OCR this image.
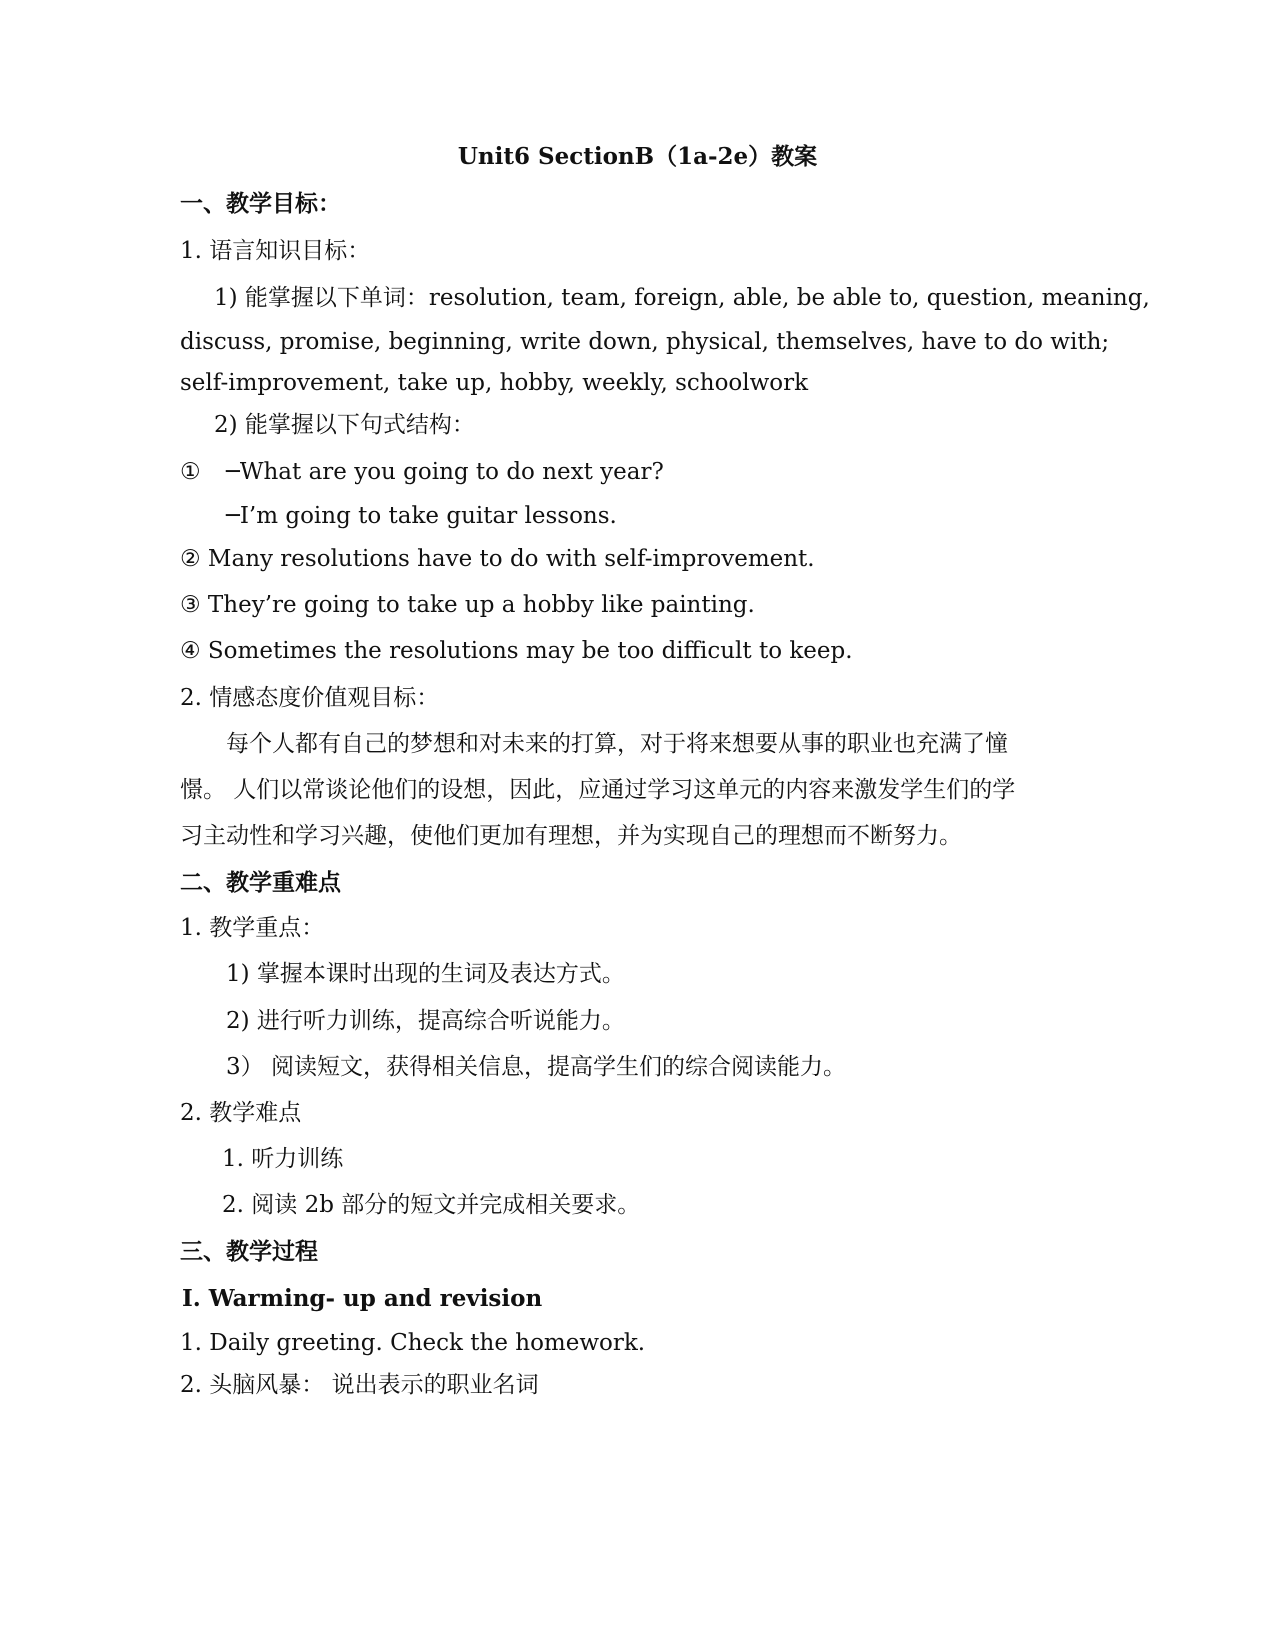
Unit6 SectionB（1a-2e）教案
一、教学目标：
1. 语言知识目标：
1) 能掌握以下单词：resolution, team, foreign, able, be able to, question, meaning,
discuss, promise, beginning, write down, physical, themselves, have to do with;
self-improvement, take up, hobby, weekly, schoolwork
2) 能掌握以下句式结构：
① ─What are you going to do next year?
─I’m going to take guitar lessons.
② Many resolutions have to do with self-improvement.
③ They’re going to take up a hobby like painting.
④ Sometimes the resolutions may be too difficult to keep.
2. 情感态度价值观目标：
每个人都有自己的梦想和对未来的打算，对于将来想要从事的职业也充满了憧
憬。 人们以常谈论他们的设想，因此，应通过学习这单元的内容来激发学生们的学
习主动性和学习兴趣，使他们更加有理想，并为实现自己的理想而不断努力。
二、教学重难点
1. 教学重点：
1) 掌握本课时出现的生词及表达方式。
2) 进行听力训练，提高综合听说能力。
3） 阅读短文，获得相关信息，提高学生们的综合阅读能力。
2. 教学难点
1. 听力训练
2. 阅读 2b 部分的短文并完成相关要求。
三、教学过程
Ⅰ. Warming- up and revision
1. Daily greeting. Check the homework.
2. 头脑风暴： 说出表示的职业名词
